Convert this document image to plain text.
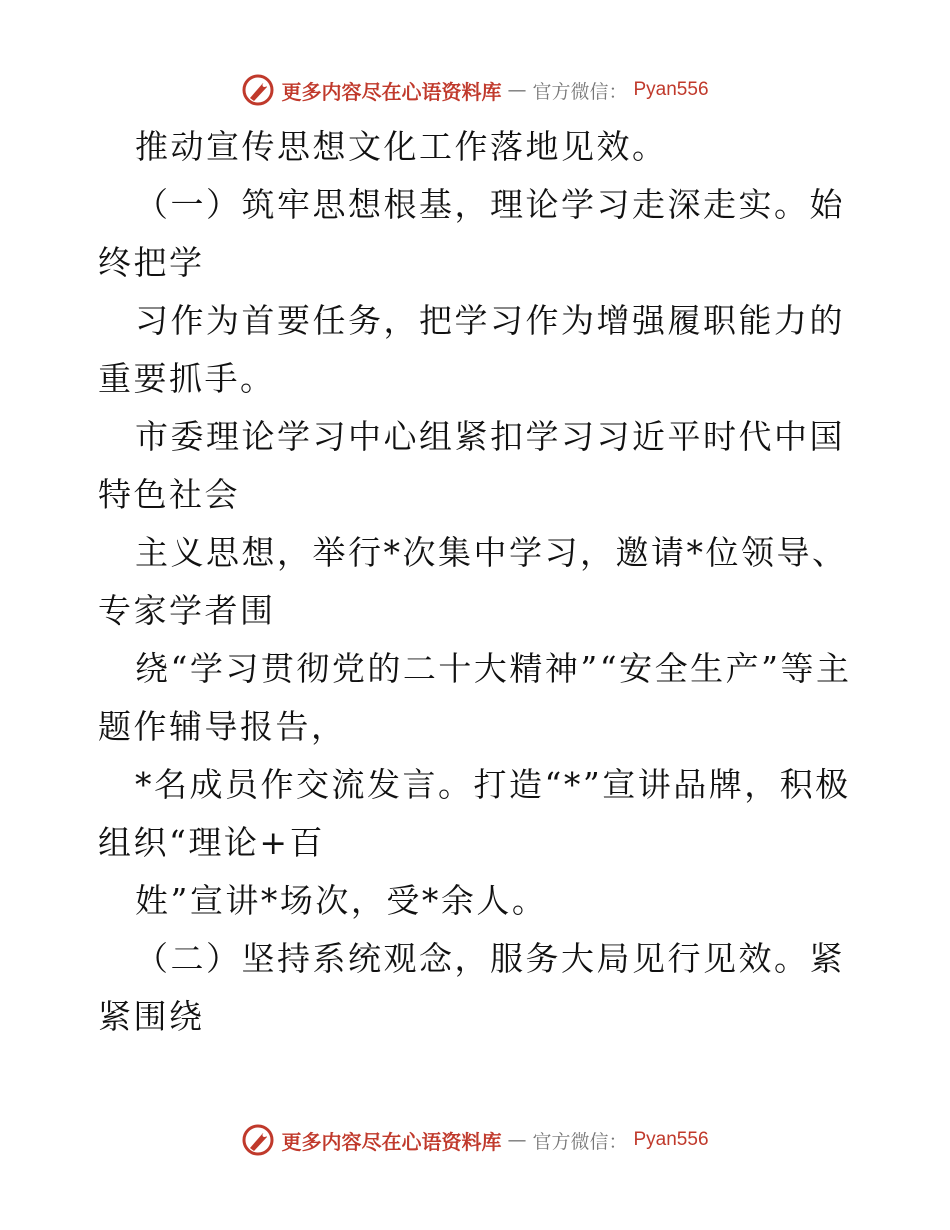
更多内容尽在心语资料库 — 官方微信： Pyan556

推动宣传思想文化工作落地见效。

（一）筑牢思想根基，理论学习走深走实。始终把学

习作为首要任务，把学习作为增强履职能力的重要抓手。

市委理论学习中心组紧扣学习习近平时代中国特色社会

主义思想，举行*次集中学习，邀请*位领导、专家学者围

绕“学习贯彻党的二十大精神”“安全生产”等主题作辅导报告，

*名成员作交流发言。打造“*”宣讲品牌，积极组织“理论+百

姓”宣讲*场次，受*余人。

（二）坚持系统观念，服务大局见行见效。紧紧围绕

更多内容尽在心语资料库 — 官方微信： Pyan556
